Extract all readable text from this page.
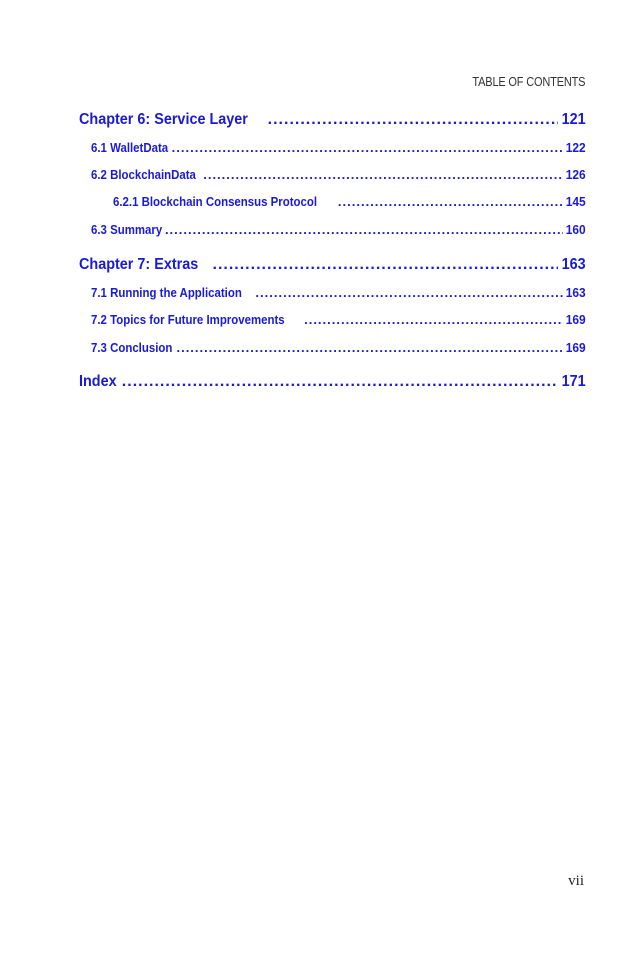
TABLE OF CONTENTS
Chapter 6: Service Layer .....	121
6.1 WalletData .....	122
6.2 BlockchainData .....	126
6.2.1 Blockchain Consensus Protocol .....	145
6.3 Summary .....	160
Chapter 7: Extras .....	163
7.1 Running the Application .....	163
7.2 Topics for Future Improvements .....	169
7.3 Conclusion .....	169
Index .....	171
vii
